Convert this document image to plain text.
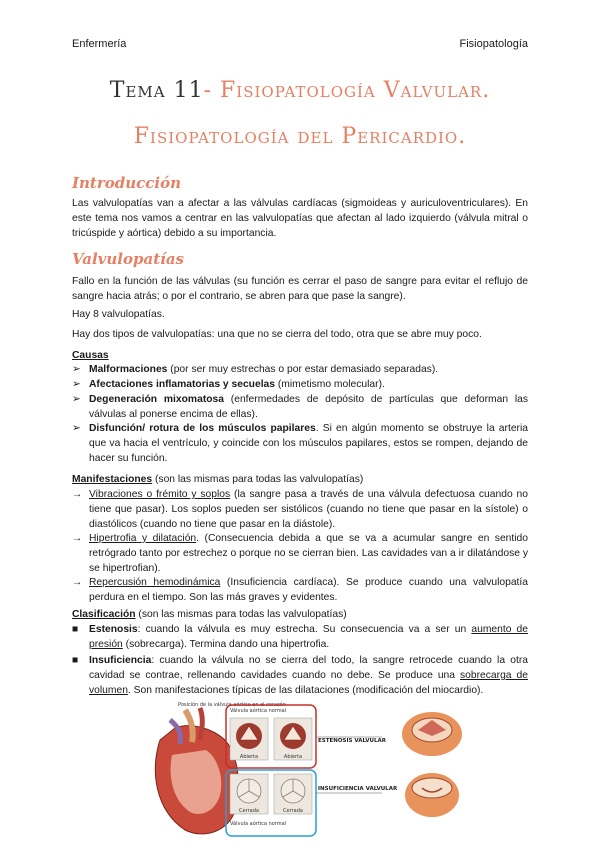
Enfermería	Fisiopatología
Tema 11- Fisiopatología Valvular.
Fisiopatología del Pericardio.
Introducción
Las valvulopatías van a afectar a las válvulas cardíacas (sigmoideas y auriculoventriculares). En este tema nos vamos a centrar en las valvulopatías que afectan al lado izquierdo (válvula mitral o tricúspide y aórtica) debido a su importancia.
Valvulopatías
Fallo en la función de las válvulas (su función es cerrar el paso de sangre para evitar el reflujo de sangre hacia atrás; o por el contrario, se abren para que pase la sangre).
Hay 8 valvulopatías.
Hay dos tipos de valvulopatías: una que no se cierra del todo, otra que se abre muy poco.
Causas
➢ Malformaciones (por ser muy estrechas o por estar demasiado separadas).
➢ Afectaciones inflamatorias y secuelas (mimetismo molecular).
➢ Degeneración mixomatosa (enfermedades de depósito de partículas que deforman las válvulas al ponerse encima de ellas).
➢ Disfunción/ rotura de los músculos papilares. Si en algún momento se obstruye la arteria que va hacia el ventrículo, y coincide con los músculos papilares, estos se rompen, dejando de hacer su función.
Manifestaciones (son las mismas para todas las valvulopatías)
→ Vibraciones o frémito y soplos (la sangre pasa a través de una válvula defectuosa cuando no tiene que pasar). Los soplos pueden ser sistólicos (cuando no tiene que pasar en la sístole) o diastólicos (cuando no tiene que pasar en la diástole).
→ Hipertrofia y dilatación. (Consecuencia debida a que se va a acumular sangre en sentido retrógrado tanto por estrechez o porque no se cierran bien. Las cavidades van a ir dilatándose y se hipertrofian).
→ Repercusión hemodinámica (Insuficiencia cardíaca). Se produce cuando una valvulopatía perdura en el tiempo. Son las más graves y evidentes.
Clasificación (son las mismas para todas las valvulopatías)
■ Estenosis: cuando la válvula es muy estrecha. Su consecuencia va a ser un aumento de presión (sobrecarga). Termina dando una hipertrofia.
■ Insuficiencia: cuando la válvula no se cierra del todo, la sangre retrocede cuando la otra cavidad se contrae, rellenando cavidades cuando no debe. Se produce una sobrecarga de volumen. Son manifestaciones típicas de las dilataciones (modificación del miocardio).
Posición de la válvula aórtica en el corazón
Válvula aórtica normal
Abierta	Abierta
Cerrada	Cerrada
Válvula aórtica normal
ESTENOSIS VALVULAR
INSUFICIENCIA VALVULAR
